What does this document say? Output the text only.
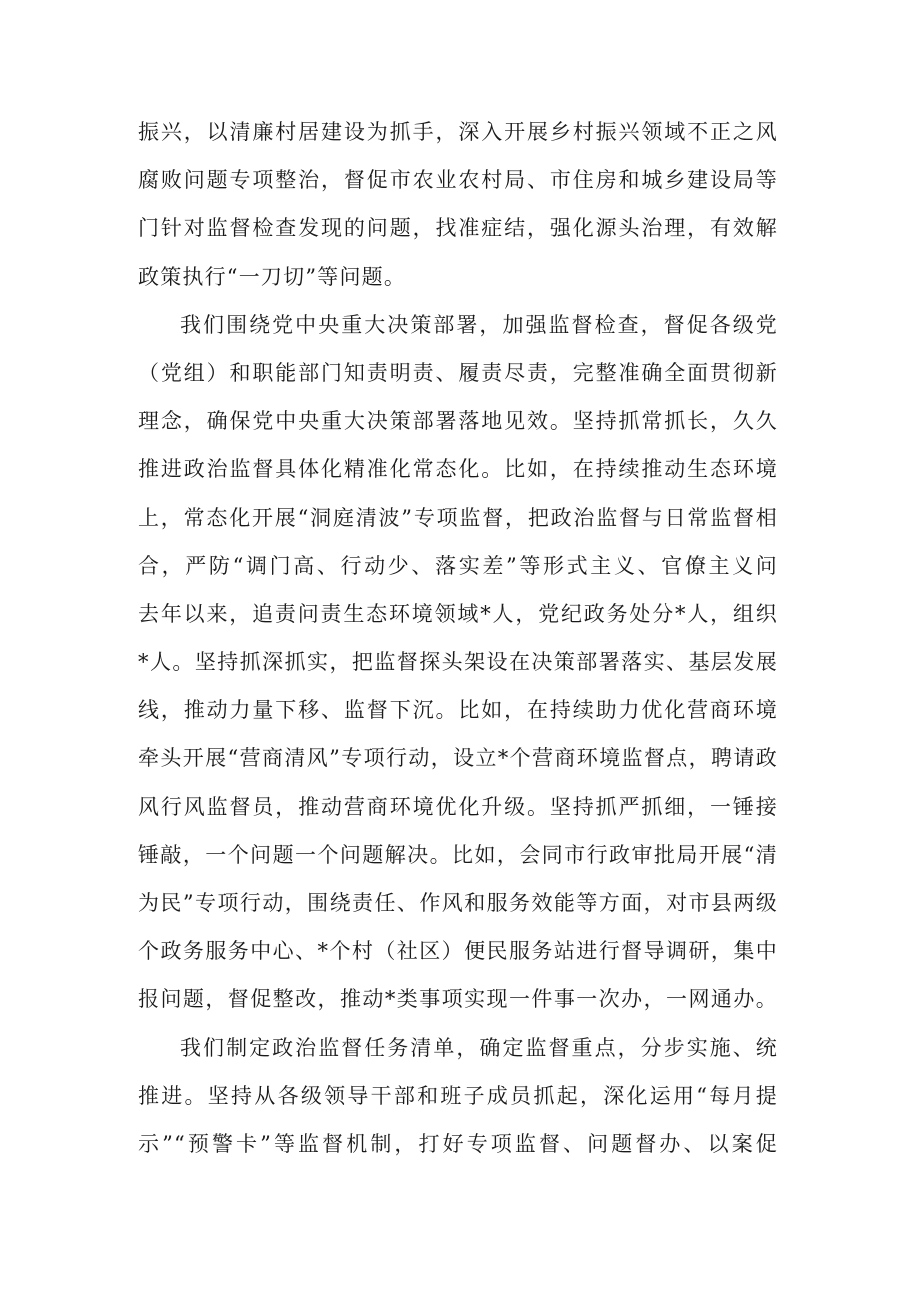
振兴，以清廉村居建设为抓手，深入开展乡村振兴领域不正之风
腐败问题专项整治，督促市农业农村局、市住房和城乡建设局等
门针对监督检查发现的问题，找准症结，强化源头治理，有效解
政策执行“一刀切”等问题。
我们围绕党中央重大决策部署，加强监督检查，督促各级党
（党组）和职能部门知责明责、履责尽责，完整准确全面贯彻新
理念，确保党中央重大决策部署落地见效。坚持抓常抓长，久久
推进政治监督具体化精准化常态化。比如，在持续推动生态环境
上，常态化开展“洞庭清波”专项监督，把政治监督与日常监督相
合，严防“调门高、行动少、落实差”等形式主义、官僚主义问
去年以来，追责问责生态环境领域*人，党纪政务处分*人，组织
*人。坚持抓深抓实，把监督探头架设在决策部署落实、基层发展
线，推动力量下移、监督下沉。比如，在持续助力优化营商环境
牵头开展“营商清风”专项行动，设立*个营商环境监督点，聘请政
风行风监督员，推动营商环境优化升级。坚持抓严抓细，一锤接
锤敲，一个问题一个问题解决。比如，会同市行政审批局开展“清
为民”专项行动，围绕责任、作风和服务效能等方面，对市县两级
个政务服务中心、*个村（社区）便民服务站进行督导调研，集中
报问题，督促整改，推动*类事项实现一件事一次办，一网通办。
我们制定政治监督任务清单，确定监督重点，分步实施、统
推进。坚持从各级领导干部和班子成员抓起，深化运用“每月提
示”“预警卡”等监督机制，打好专项监督、问题督办、以案促
